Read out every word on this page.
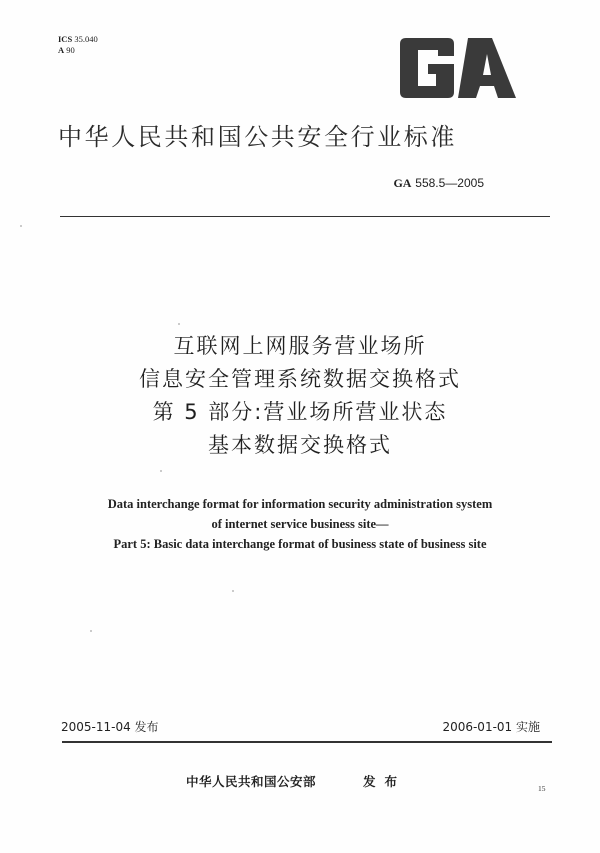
ICS 35.040
A 90
中华人民共和国公共安全行业标准
GA 558.5—2005
互联网上网服务营业场所
信息安全管理系统数据交换格式
第 5 部分:营业场所营业状态
基本数据交换格式
Data interchange format for information security administration system
of internet service business site—
Part 5: Basic data interchange format of business state of business site
2005-11-04 发布	2006-01-01 实施
中华人民共和国公安部	发布	15
